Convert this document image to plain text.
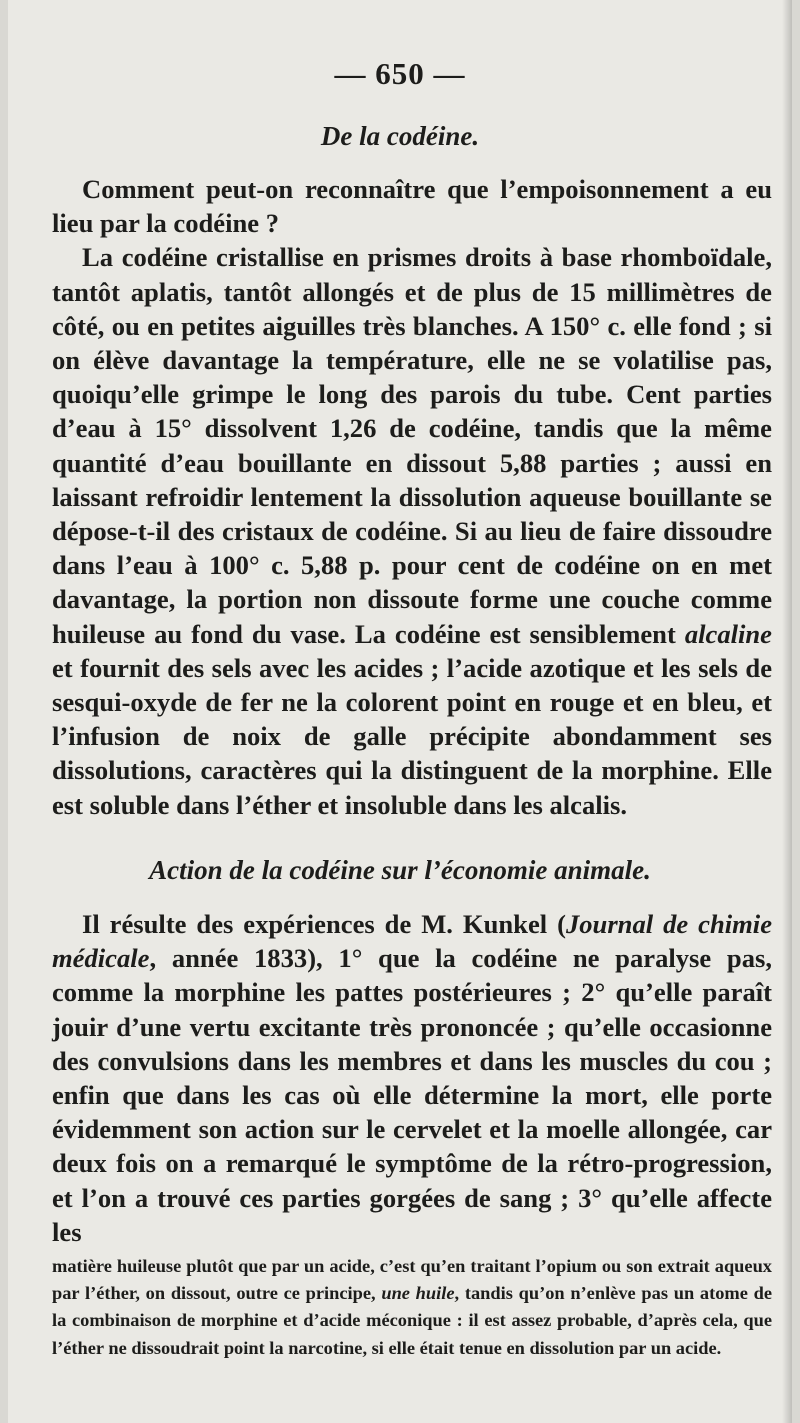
— 650 —
De la codéine.

Comment peut-on reconnaître que l’empoisonnement a eu lieu par la codéine ?

La codéine cristallise en prismes droits à base rhomboïdale, tantôt aplatis, tantôt allongés et de plus de 15 millimètres de côté, ou en petites aiguilles très blanches. A 150° c. elle fond ; si on élève davantage la température, elle ne se volatilise pas, quoiqu’elle grimpe le long des parois du tube. Cent parties d’eau à 15° dissolvent 1,26 de codéine, tandis que la même quantité d’eau bouillante en dissout 5,88 parties ; aussi en laissant refroidir lentement la dissolution aqueuse bouillante se dépose-t-il des cristaux de codéine. Si au lieu de faire dissoudre dans l’eau à 100° c. 5,88 p. pour cent de codéine on en met davantage, la portion non dissoute forme une couche comme huileuse au fond du vase. La codéine est sensiblement alcaline et fournit des sels avec les acides ; l’acide azotique et les sels de sesqui-oxyde de fer ne la colorent point en rouge et en bleu, et l’infusion de noix de galle précipite abondamment ses dissolutions, caractères qui la distinguent de la morphine. Elle est soluble dans l’éther et insoluble dans les alcalis.

Action de la codéine sur l’économie animale.

Il résulte des expériences de M. Kunkel (Journal de chimie médicale, année 1833), 1° que la codéine ne paralyse pas, comme la morphine les pattes postérieures ; 2° qu’elle paraît jouir d’une vertu excitante très prononcée ; qu’elle occasionne des convulsions dans les membres et dans les muscles du cou ; enfin que dans les cas où elle détermine la mort, elle porte évidemment son action sur le cervelet et la moelle allongée, car deux fois on a remarqué le symptôme de la rétro-progression, et l’on a trouvé ces parties gorgées de sang ; 3° qu’elle affecte les

matière huileuse plutôt que par un acide, c’est qu’en traitant l’opium ou son extrait aqueux par l’éther, on dissout, outre ce principe, une huile, tandis qu’on n’enlève pas un atome de la combinaison de morphine et d’acide méconique : il est assez probable, d’après cela, que l’éther ne dissoudrait point la narcotine, si elle était tenue en dissolution par un acide.
